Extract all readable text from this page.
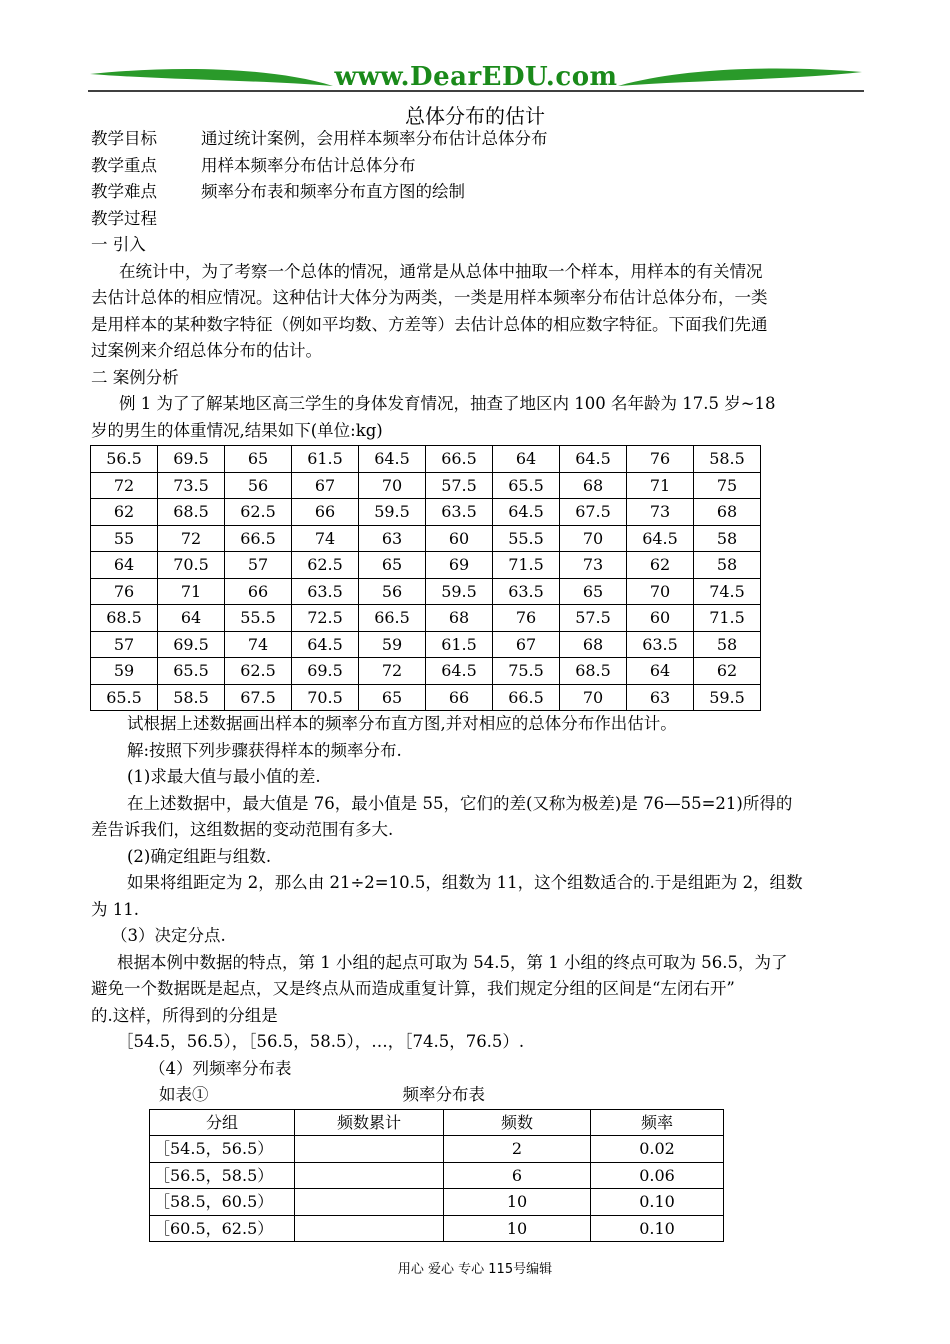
www.DearEDU.com
总体分布的估计
教学目标	通过统计案例，会用样本频率分布估计总体分布
教学重点	用样本频率分布估计总体分布
教学难点	频率分布表和频率分布直方图的绘制
教学过程
一 引入

在统计中，为了考察一个总体的情况，通常是从总体中抽取一个样本，用样本的有关情况

去估计总体的相应情况。这种估计大体分为两类，一类是用样本频率分布估计总体分布，一类

是用样本的某种数字特征（例如平均数、方差等）去估计总体的相应数字特征。下面我们先通

过案例来介绍总体分布的估计。

二 案例分析

例 1 为了了解某地区高三学生的身体发育情况，抽查了地区内 100 名年龄为 17.5 岁~18

岁的男生的体重情况,结果如下(单位:kg)

56.5	69.5	65	61.5	64.5	66.5	64	64.5	76	58.5
72	73.5	56	67	70	57.5	65.5	68	71	75
62	68.5	62.5	66	59.5	63.5	64.5	67.5	73	68
55	72	66.5	74	63	60	55.5	70	64.5	58
64	70.5	57	62.5	65	69	71.5	73	62	58
76	71	66	63.5	56	59.5	63.5	65	70	74.5
68.5	64	55.5	72.5	66.5	68	76	57.5	60	71.5
57	69.5	74	64.5	59	61.5	67	68	63.5	58
59	65.5	62.5	69.5	72	64.5	75.5	68.5	64	62
65.5	58.5	67.5	70.5	65	66	66.5	70	63	59.5

试根据上述数据画出样本的频率分布直方图,并对相应的总体分布作出估计。

解:按照下列步骤获得样本的频率分布.

(1)求最大值与最小值的差.

在上述数据中，最大值是 76，最小值是 55，它们的差(又称为极差)是 76—55=21)所得的

差告诉我们，这组数据的变动范围有多大.

(2)确定组距与组数.

如果将组距定为 2，那么由 21÷2=10.5，组数为 11，这个组数适合的.于是组距为 2，组数

为 11.

（3）决定分点.

根据本例中数据的特点，第 1 小组的起点可取为 54.5，第 1 小组的终点可取为 56.5，为了

避免一个数据既是起点，又是终点从而造成重复计算，我们规定分组的区间是“左闭右开”

的.这样，所得到的分组是

［54.5，56.5），［56.5，58.5），…，［74.5，76.5）.

（4）列频率分布表

如表①	频率分布表
分组	频数累计	频数	频率
［54.5，56.5）		2	0.02
［56.5，58.5）		6	0.06
［58.5，60.5）		10	0.10
［60.5，62.5）		10	0.10
用心 爱心 专心 115号编辑
